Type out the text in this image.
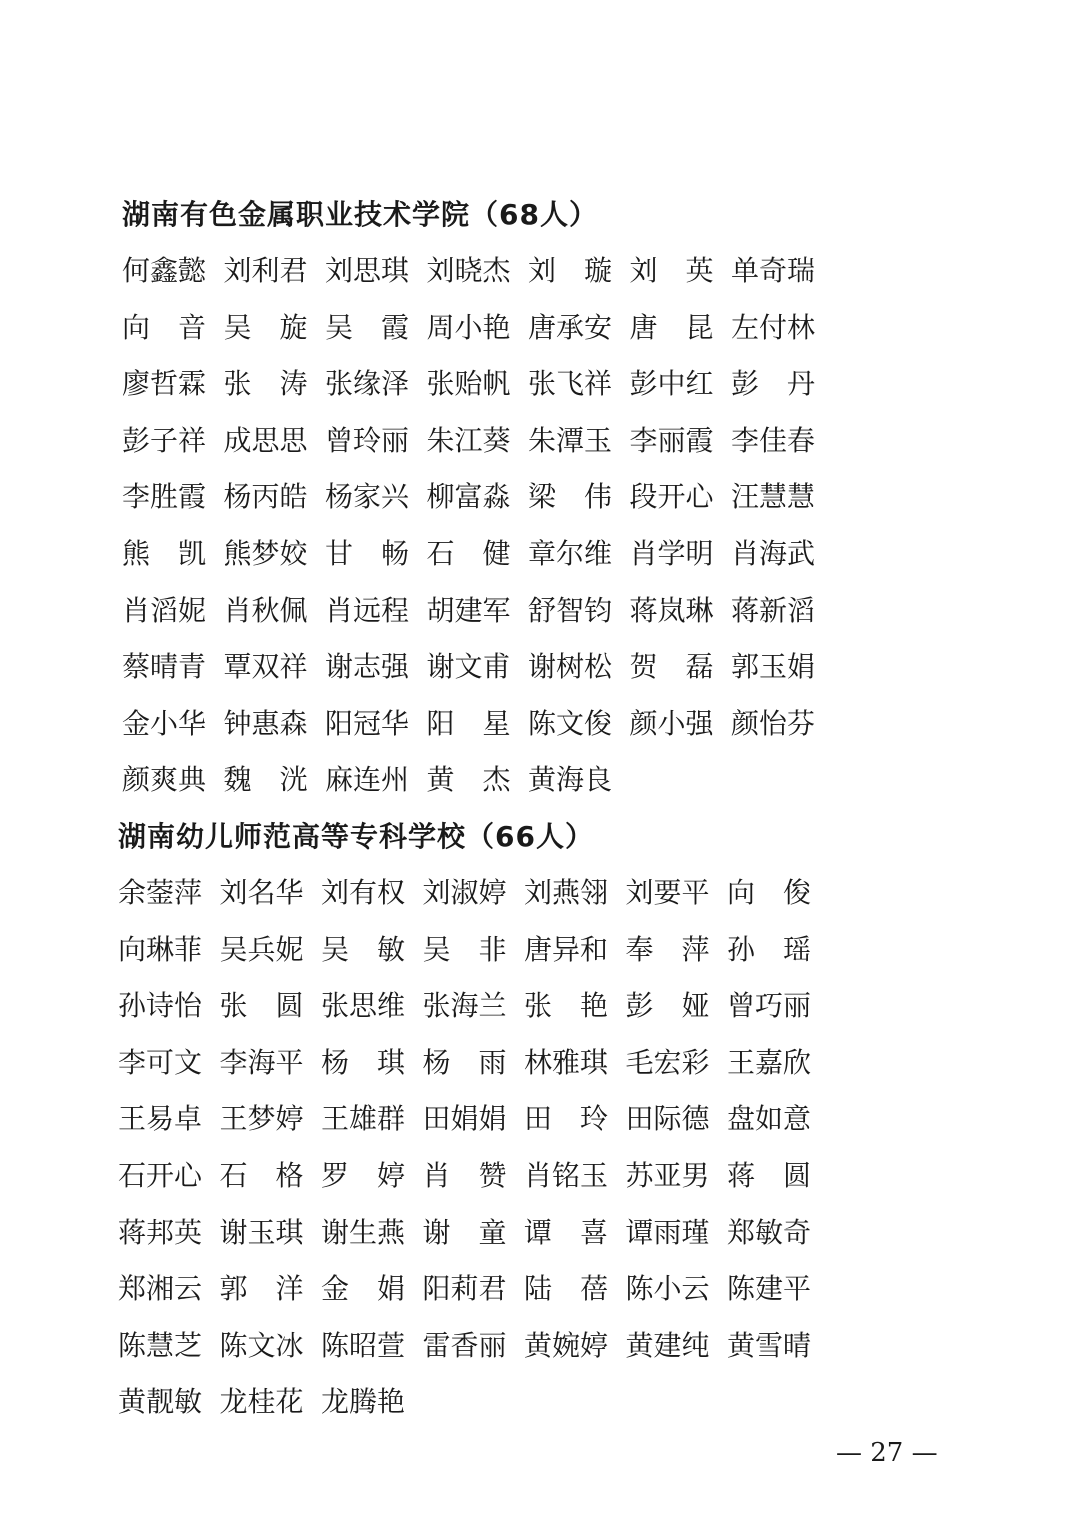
湖南有色金属职业技术学院（68人）
何 鑫 懿 刘 利 君 刘 思 琪 刘 晓 杰 刘 璇 刘 英 单 奇 瑞
向 音 吴 旋 吴 霞 周 小 艳 唐 承 安 唐 昆 左 付 林
廖 哲 霖 张 涛 张 缘 泽 张 贻 帆 张 飞 祥 彭 中 红 彭 丹
彭 子 祥 成 思 思 曾 玲 丽 朱 江 葵 朱 潭 玉 李 丽 霞 李 佳 春
李 胜 霞 杨 丙 皓 杨 家 兴 柳 富 淼 梁 伟 段 开 心 汪 慧 慧
熊 凯 熊 梦 姣 甘 畅 石 健 章 尔 维 肖 学 明 肖 海 武
肖 滔 妮 肖 秋 佩 肖 远 程 胡 建 军 舒 智 钧 蒋 岚 琳 蒋 新 滔
蔡 晴 青 覃 双 祥 谢 志 强 谢 文 甫 谢 树 松 贺 磊 郭 玉 娟
金 小 华 钟 惠 森 阳 冠 华 阳 星 陈 文 俊 颜 小 强 颜 怡 芬
颜 爽 典 魏 洸 麻 连 州 黄 杰 黄 海 良
湖南幼儿师范高等专科学校（66人）
余 蓥 萍 刘 名 华 刘 有 权 刘 淑 婷 刘 燕 翎 刘 要 平 向 俊
向 琳 菲 吴 兵 妮 吴 敏 吴 非 唐 异 和 奉 萍 孙 瑶
孙 诗 怡 张 圆 张 思 维 张 海 兰 张 艳 彭 娅 曾 巧 丽
李 可 文 李 海 平 杨 琪 杨 雨 林 雅 琪 毛 宏 彩 王 嘉 欣
王 易 卓 王 梦 婷 王 雄 群 田 娟 娟 田 玲 田 际 德 盘 如 意
石 开 心 石 格 罗 婷 肖 赞 肖 铭 玉 苏 亚 男 蒋 圆
蒋 邦 英 谢 玉 琪 谢 生 燕 谢 童 谭 喜 谭 雨 瑾 郑 敏 奇
郑 湘 云 郭 洋 金 娟 阳 莉 君 陆 蓓 陈 小 云 陈 建 平
陈 慧 芝 陈 文 冰 陈 昭 萱 雷 香 丽 黄 婉 婷 黄 建 纯 黄 雪 晴
黄 靓 敏 龙 桂 花 龙 腾 艳
— 27 —
